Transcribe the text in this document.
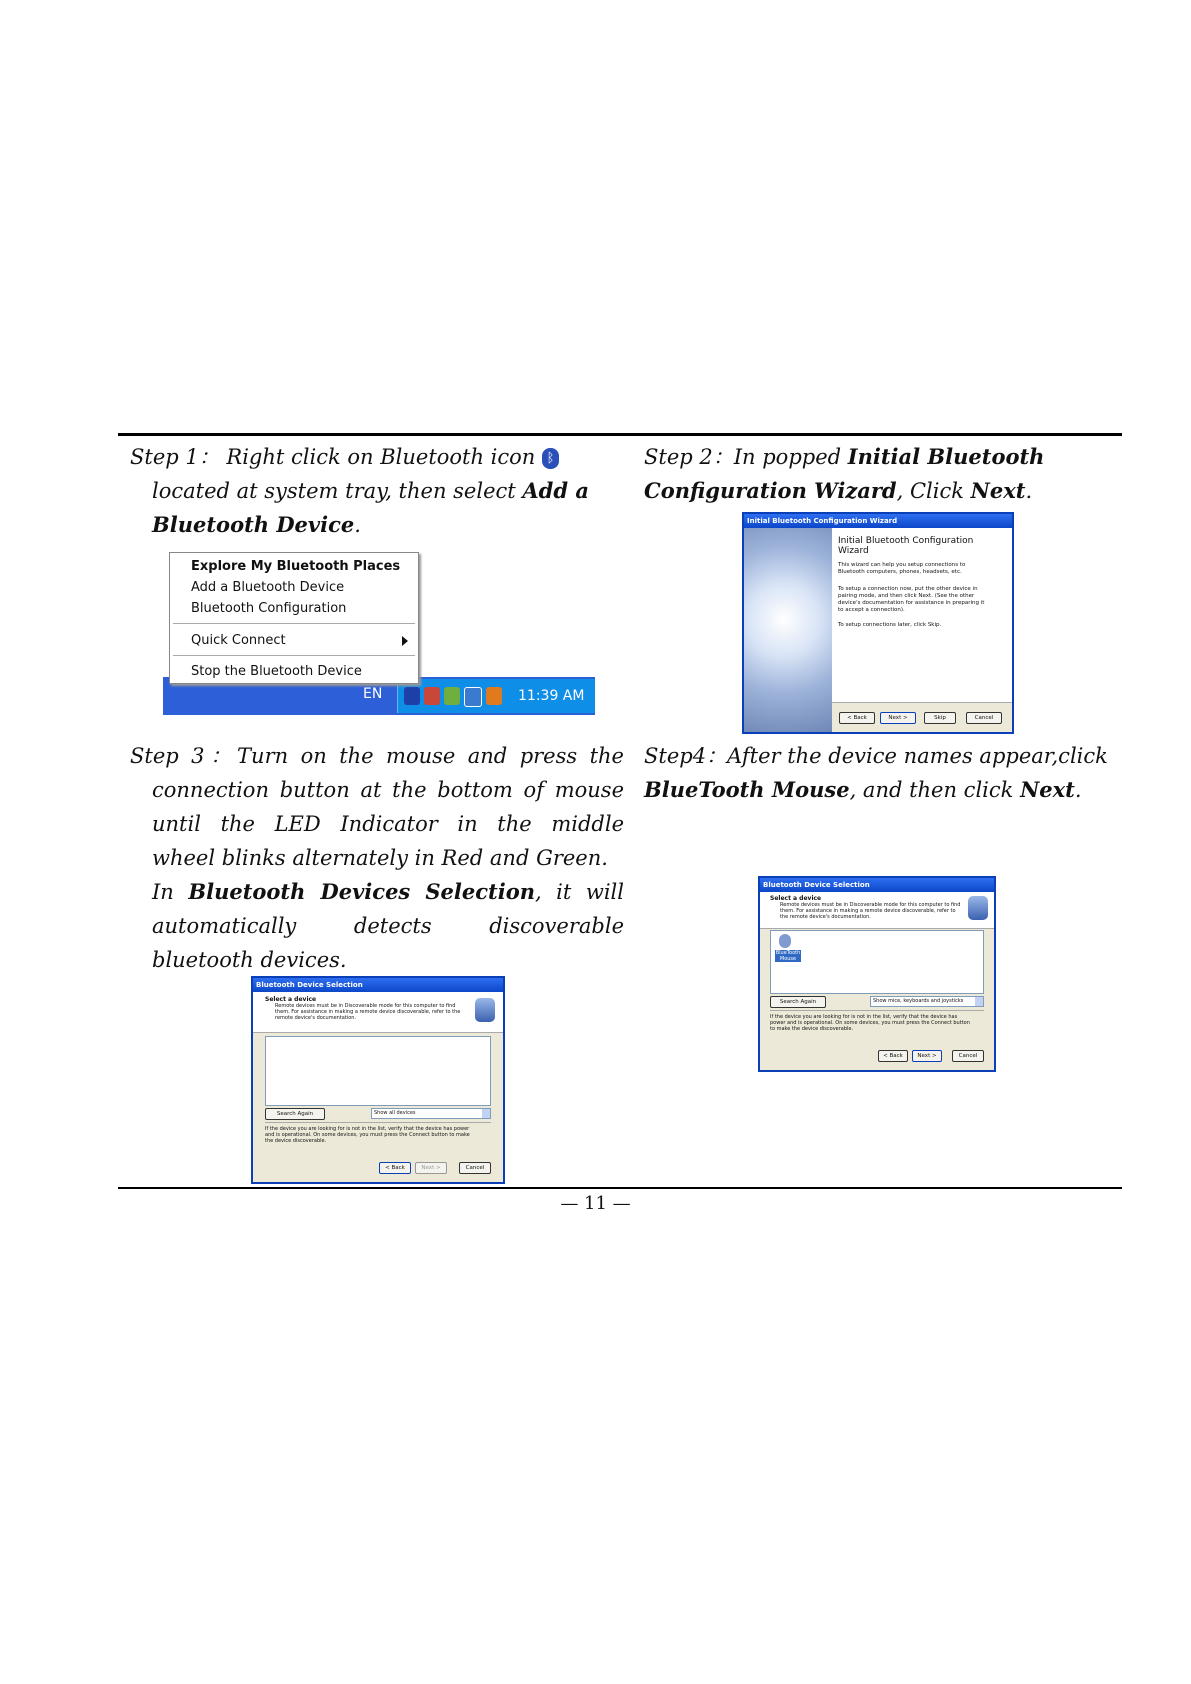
Step 1： Right click on Bluetooth icon ᛒ
located at system tray, then select Add a
Bluetooth Device.
EN	11:39 AM
Explore My Bluetooth Places
Add a Bluetooth Device
Bluetooth Configuration
Quick Connect
Stop the Bluetooth Device
Step 2：In popped Initial Bluetooth
Configuration Wizard, Click Next.
Initial Bluetooth Configuration Wizard
Initial Bluetooth Configuration Wizard
This wizard can help you setup connections to Bluetooth computers, phones, headsets, etc.
To setup a connection now, put the other device in pairing mode, and then click Next. (See the other device's documentation for assistance in preparing it to accept a connection).
To setup connections later, click Skip.
< Back	Next >	Skip	Cancel
Step 3：Turn on the mouse and press the
connection button at the bottom of mouse
until the LED Indicator in the middle
wheel blinks alternately in Red and Green.
In Bluetooth Devices Selection, it will
automatically detects discoverable
bluetooth devices.
Bluetooth Device Selection
Select a device
Remote devices must be in Discoverable mode for this computer to find them. For assistance in making a remote device discoverable, refer to the remote device's documentation.
Search Again	Show all devices
If the device you are looking for is not in the list, verify that the device has power and is operational. On some devices, you must press the Connect button to make the device discoverable.
< Back	Next >	Cancel
Step4：After the device names appear,click
BlueTooth Mouse, and then click Next.
Bluetooth Device Selection
Select a device
Remote devices must be in Discoverable mode for this computer to find them. For assistance in making a remote device discoverable, refer to the remote device's documentation.
BlueTooth Mouse
Search Again	Show mice, keyboards and joysticks
If the device you are looking for is not in the list, verify that the device has power and is operational. On some devices, you must press the Connect button to make the device discoverable.
< Back	Next >	Cancel
— 11 —
